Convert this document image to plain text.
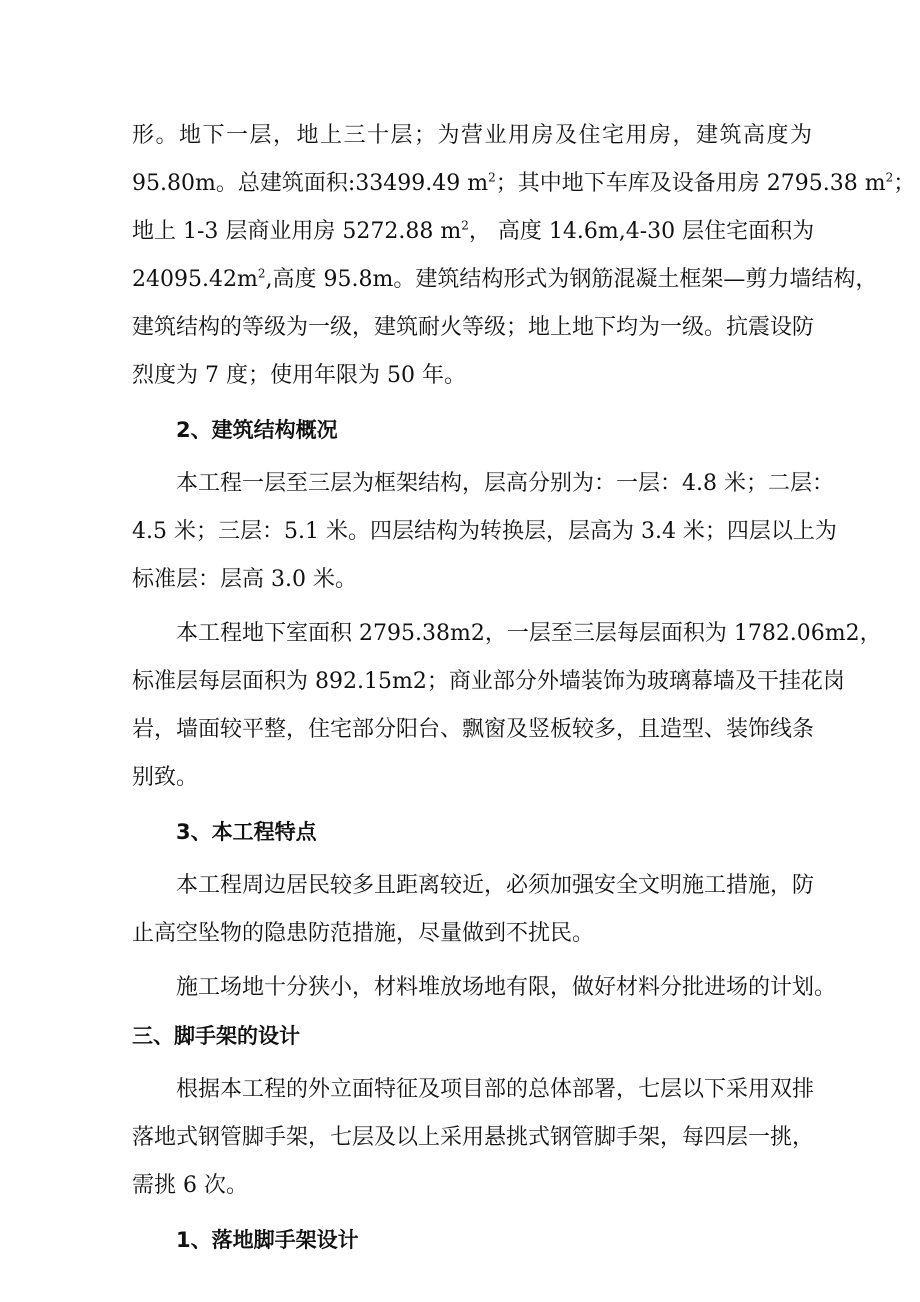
形。地下一层，地上三十层；为营业用房及住宅用房，建筑高度为
95.80m。总建筑面积:33499.49 $m^2$；其中地下车库及设备用房 2795.38 $m^2$；
地上 1-3 层商业用房 5272.88 $m^2$， 高度 14.6m,4-30 层住宅面积为
$24095.42m^2$,高度 95.8m。建筑结构形式为钢筋混凝土框架—剪力墙结构，
建筑结构的等级为一级，建筑耐火等级；地上地下均为一级。抗震设防
烈度为 7 度；使用年限为 50 年。
2、建筑结构概况
本工程一层至三层为框架结构，层高分别为：一层：4.8 米；二层：
4.5 米；三层：5.1 米。四层结构为转换层，层高为 3.4 米；四层以上为
标准层：层高 3.0 米。
本工程地下室面积 2795.38m2，一层至三层每层面积为 1782.06m2，
标准层每层面积为 892.15m2；商业部分外墙装饰为玻璃幕墙及干挂花岗
岩，墙面较平整，住宅部分阳台、飘窗及竖板较多，且造型、装饰线条
别致。
3、本工程特点
本工程周边居民较多且距离较近，必须加强安全文明施工措施，防
止高空坠物的隐患防范措施，尽量做到不扰民。
施工场地十分狭小，材料堆放场地有限，做好材料分批进场的计划。
三、脚手架的设计
根据本工程的外立面特征及项目部的总体部署，七层以下采用双排
落地式钢管脚手架，七层及以上采用悬挑式钢管脚手架，每四层一挑，
需挑 6 次。
1、落地脚手架设计
